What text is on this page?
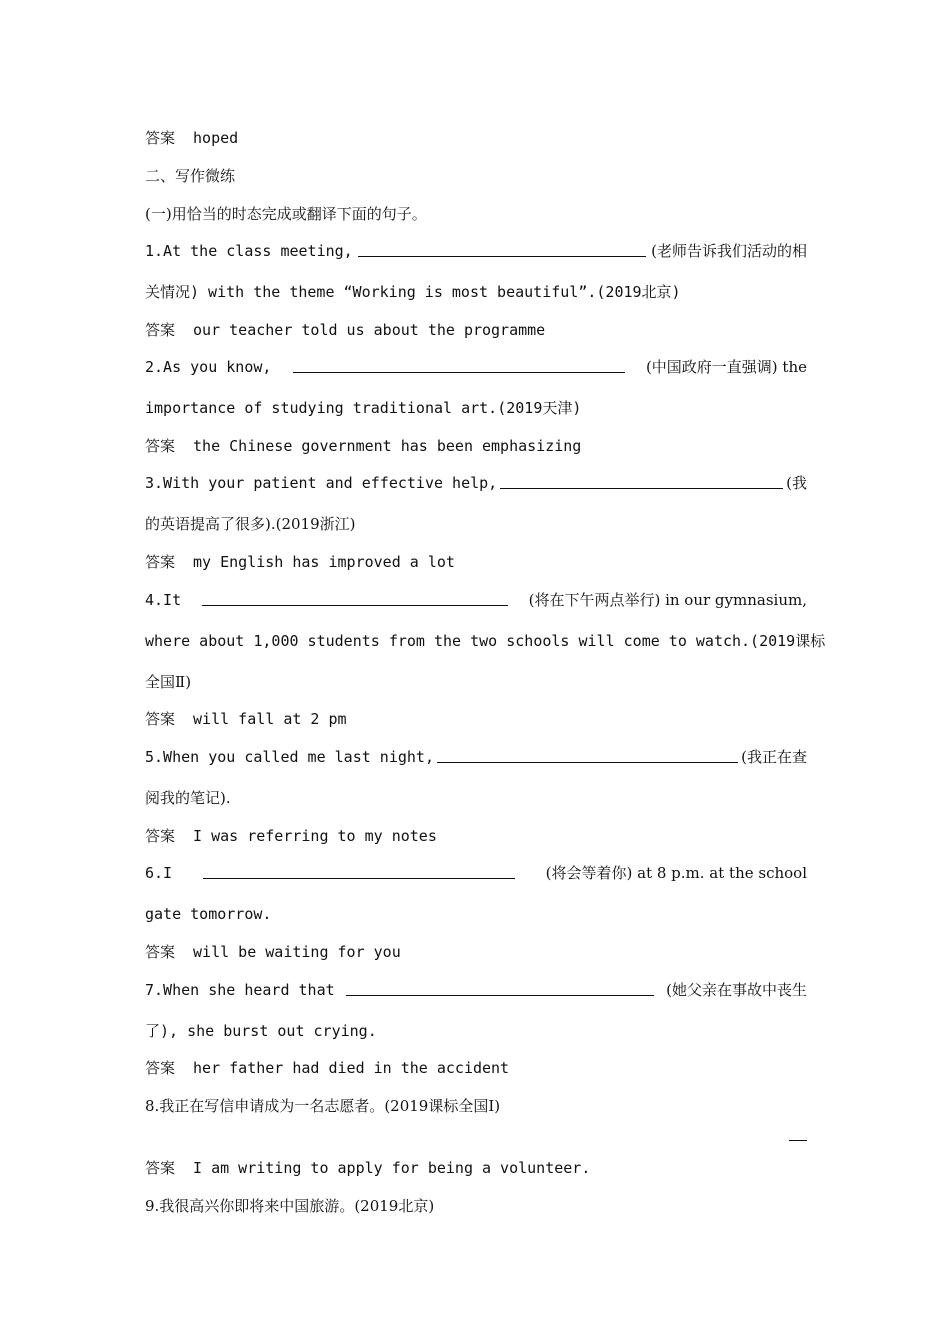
答案 hoped
二、写作微练
(一)用恰当的时态完成或翻译下面的句子。
1.At the class meeting,	(老师告诉我们活动的相
关情况) with the theme “Working is most beautiful”.(2019北京)
答案 our teacher told us about the programme
2.As you know,	(中国政府一直强调) the
importance of studying traditional art.(2019天津)
答案 the Chinese government has been emphasizing
3.With your patient and effective help,	(我
的英语提高了很多).(2019浙江)
答案 my English has improved a lot
4.It	(将在下午两点举行) in our gymnasium,
where about 1,000 students from the two schools will come to watch.(2019课标
全国Ⅱ)
答案 will fall at 2 pm
5.When you called me last night,	(我正在查
阅我的笔记).
答案 I was referring to my notes
6.I	(将会等着你) at 8 p.m. at the school
gate tomorrow.
答案 will be waiting for you
7.When she heard that	(她父亲在事故中丧生
了), she burst out crying.
答案 her father had died in the accident
8.我正在写信申请成为一名志愿者。(2019课标全国Ⅰ)
答案 I am writing to apply for being a volunteer.
9.我很高兴你即将来中国旅游。(2019北京)
